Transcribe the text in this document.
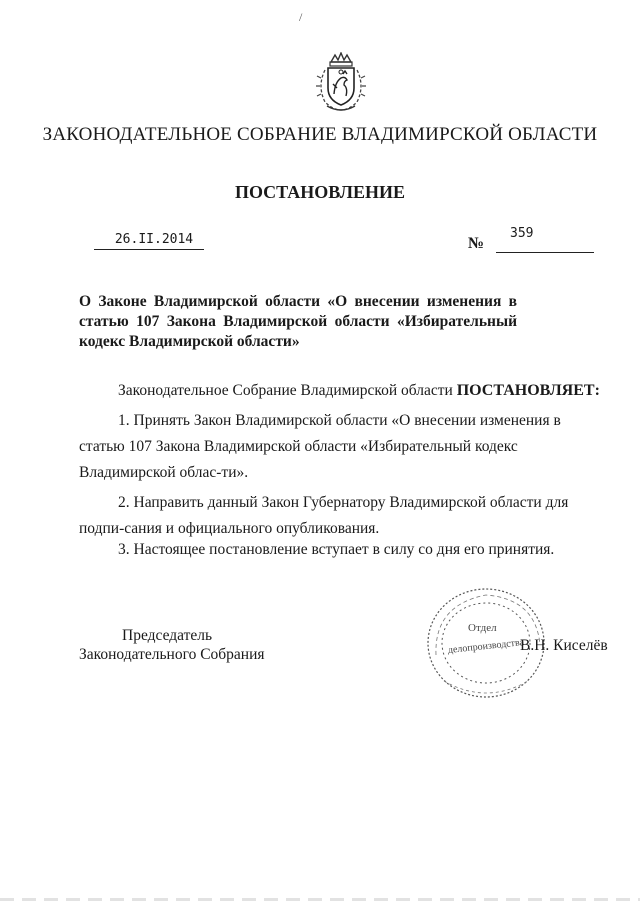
/
ЗАКОНОДАТЕЛЬНОЕ СОБРАНИЕ ВЛАДИМИРСКОЙ ОБЛАСТИ
ПОСТАНОВЛЕНИЕ
26.II.2014	№
359
О Законе Владимирской области «О внесении изменения в статью 107 Закона Владимирской области «Избирательный кодекс Владимирской области»
Законодательное Собрание Владимирской области ПОСТАНОВЛЯЕТ:
1. Принять Закон Владимирской области «О внесении изменения в статью 107 Закона Владимирской области «Избирательный кодекс Владимирской облас-ти».
2. Направить данный Закон Губернатору Владимирской области для подпи-сания и официального опубликования.
3. Настоящее постановление вступает в силу со дня его принятия.
Председатель
Законодательного Собрания
Отдел
делопроизводства
В.Н. Киселёв
